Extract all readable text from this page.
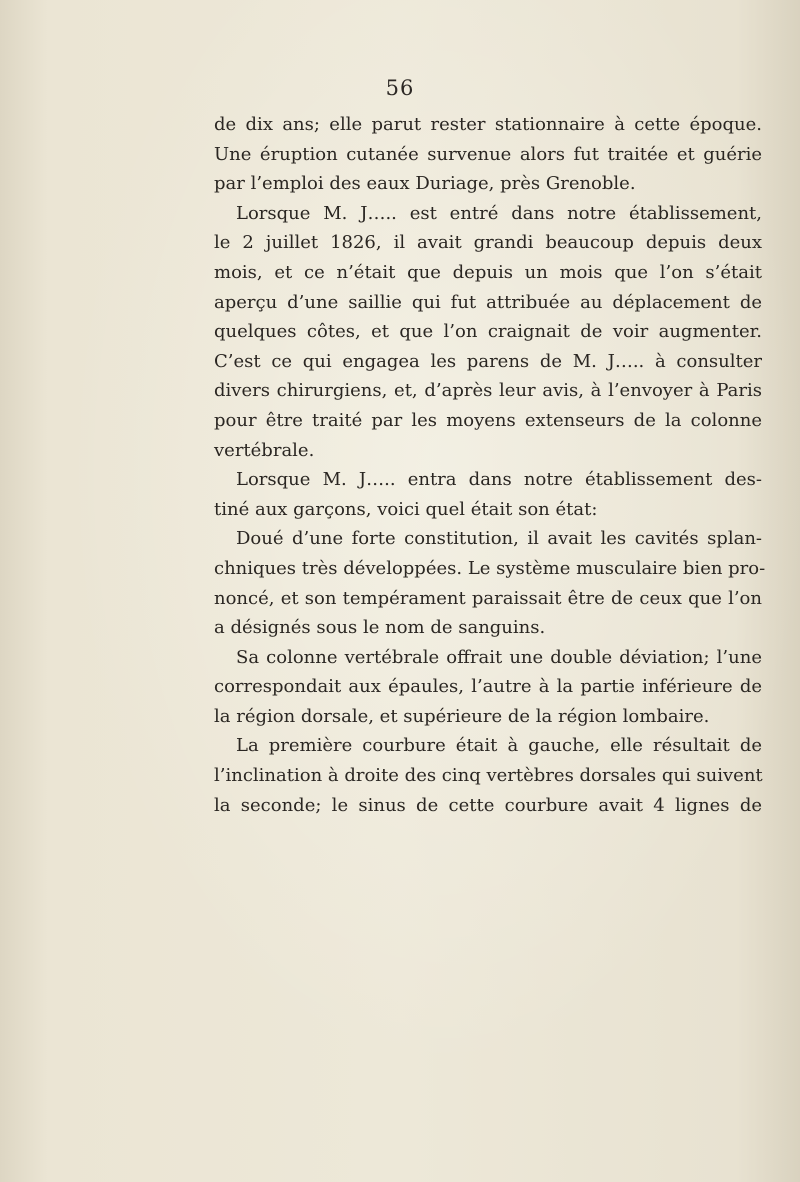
56
de dix ans; elle parut rester stationnaire à cette époque.
Une éruption cutanée survenue alors fut traitée et guérie
par l’emploi des eaux Duriage, près Grenoble.
Lorsque M. J….. est entré dans notre établissement,
le 2 juillet 1826, il avait grandi beaucoup depuis deux
mois, et ce n’était que depuis un mois que l’on s’était
aperçu d’une saillie qui fut attribuée au déplacement de
quelques côtes, et que l’on craignait de voir augmenter.
C’est ce qui engagea les parens de M. J….. à consulter
divers chirurgiens, et, d’après leur avis, à l’envoyer à Paris
pour être traité par les moyens extenseurs de la colonne
vertébrale.
Lorsque M. J….. entra dans notre établissement des-
tiné aux garçons, voici quel était son état:
Doué d’une forte constitution, il avait les cavités splan-
chniques très développées. Le système musculaire bien pro-
noncé, et son tempérament paraissait être de ceux que l’on
a désignés sous le nom de sanguins.
Sa colonne vertébrale offrait une double déviation; l’une
correspondait aux épaules, l’autre à la partie inférieure de
la région dorsale, et supérieure de la région lombaire.
La première courbure était à gauche, elle résultait de
l’inclination à droite des cinq vertèbres dorsales qui suivent
la seconde; le sinus de cette courbure avait 4 lignes de
